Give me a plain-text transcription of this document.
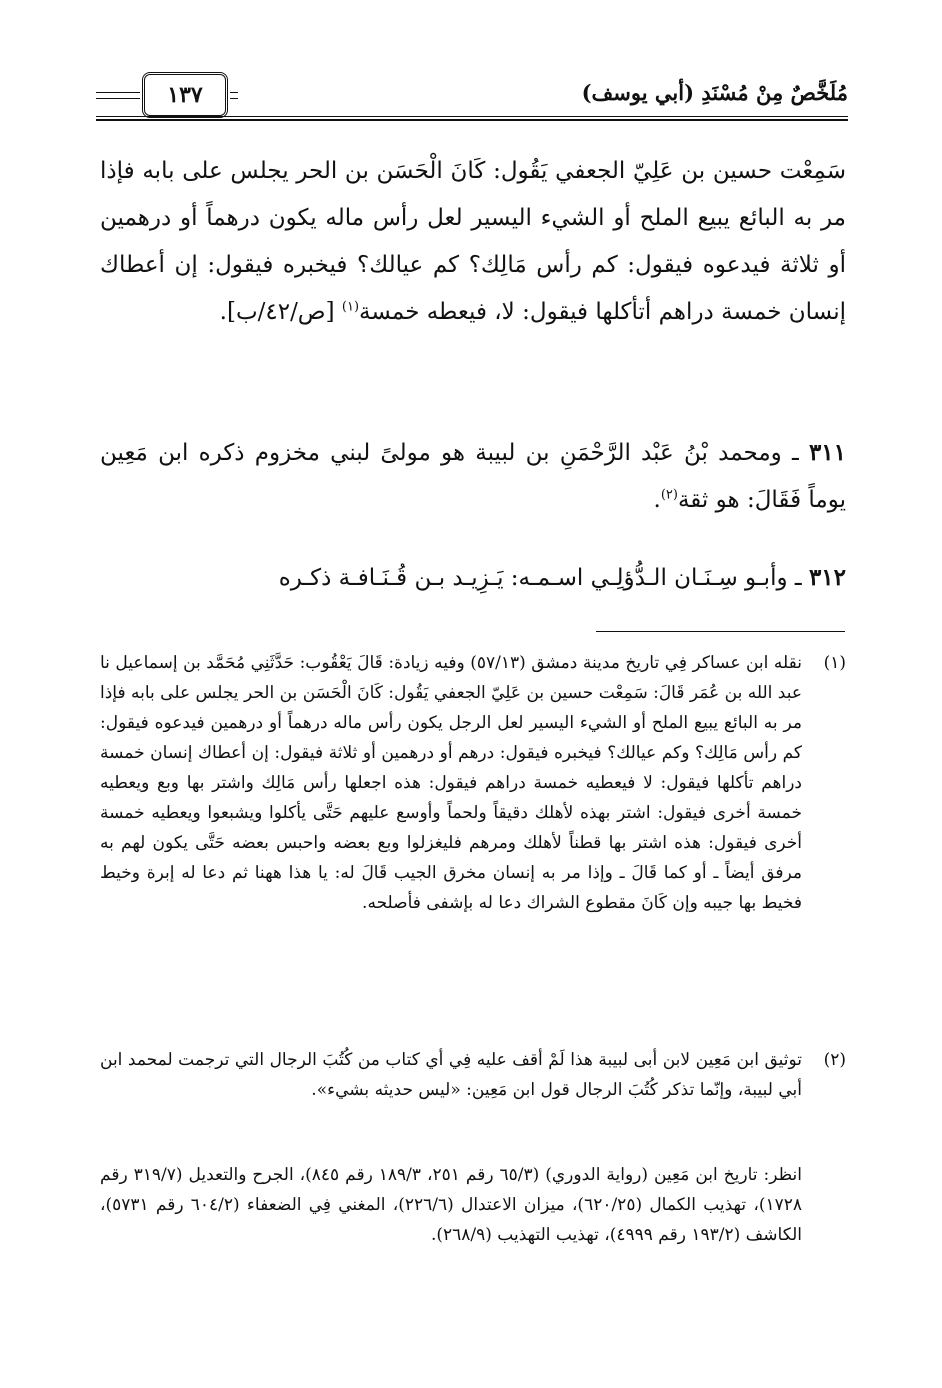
مُلَخَّصٌ مِنْ مُسْنَدِ (أبي يوسف)
١٣٧

سَمِعْت حسين بن عَلِيّ الجعفي يَقُول: كَانَ الْحَسَن بن الحر يجلس على بابه فإذا مر به البائع يبيع الملح أو الشيء اليسير لعل رأس ماله يكون درهماً أو درهمين أو ثلاثة فيدعوه فيقول: كم رأس مَالِك؟ كم عيالك؟ فيخبره فيقول: إن أعطاك إنسان خمسة دراهم أتأكلها فيقول: لا، فيعطه خمسة$^{(١)}$ [ص/٤٢/ب].

٣١١ ـ ومحمد بْنُ عَبْد الرَّحْمَنِ بن لبيبة هو مولىً لبني مخزوم ذكره ابن مَعِين يوماً فَقَالَ: هو ثقة$^{(٢)}$.

٣١٢ ـ وأبـو سِـنَـان الـدُّؤلِـي اسـمـه: يَـزِيـد بـن قُـنَـافـة ذكـره

(١)

نقله ابن عساكر فِي تاريخ مدينة دمشق (٥٧/١٣) وفيه زيادة: قَالَ يَعْقُوب: حَدَّثَنِي مُحَمَّد بن إسماعيل نا عبد الله بن عُمَر قَالَ: سَمِعْت حسين بن عَلِيّ الجعفي يَقُول: كَانَ الْحَسَن بن الحر يجلس على بابه فإذا مر به البائع يبيع الملح أو الشيء اليسير لعل الرجل يكون رأس ماله درهماً أو درهمين فيدعوه فيقول: كم رأس مَالِك؟ وكم عيالك؟ فيخبره فيقول: درهم أو درهمين أو ثلاثة فيقول: إن أعطاك إنسان خمسة دراهم تأكلها فيقول: لا فيعطيه خمسة دراهم فيقول: هذه اجعلها رأس مَالِك واشتر بها وبع ويعطيه خمسة أخرى فيقول: اشتر بهذه لأهلك دقيقاً ولحماً وأوسع عليهم حَتَّى يأكلوا ويشبعوا ويعطيه خمسة أخرى فيقول: هذه اشتر بها قطناً لأهلك ومرهم فليغزلوا وبع بعضه واحبس بعضه حَتَّى يكون لهم به مرفق أيضاً ـ أو كما قَالَ ـ وإذا مر به إنسان مخرق الجيب قَالَ له: يا هذا ههنا ثم دعا له إبرة وخيط فخيط بها جيبه وإن كَانَ مقطوع الشراك دعا له بإشفى فأصلحه.

(٢)

توثيق ابن مَعِين لابن أبى لبيبة هذا لَمْ أقف عليه فِي أي كتاب من كُتُبَ الرجال التي ترجمت لمحمد ابن أبي لبيبة، وإنّما تذكر كُتُبَ الرجال قول ابن مَعِين: «ليس حديثه بشيء».

انظر: تاريخ ابن مَعِين (رواية الدوري) (٦٥/٣ رقم ٢٥١، ١٨٩/٣ رقم ٨٤٥)، الجرح والتعديل (٣١٩/٧ رقم ١٧٢٨)، تهذيب الكمال (٦٢٠/٢٥)، ميزان الاعتدال (٢٢٦/٦)، المغني فِي الضعفاء (٦٠٤/٢ رقم ٥٧٣١)، الكاشف (١٩٣/٢ رقم ٤٩٩٩)، تهذيب التهذيب (٢٦٨/٩).
